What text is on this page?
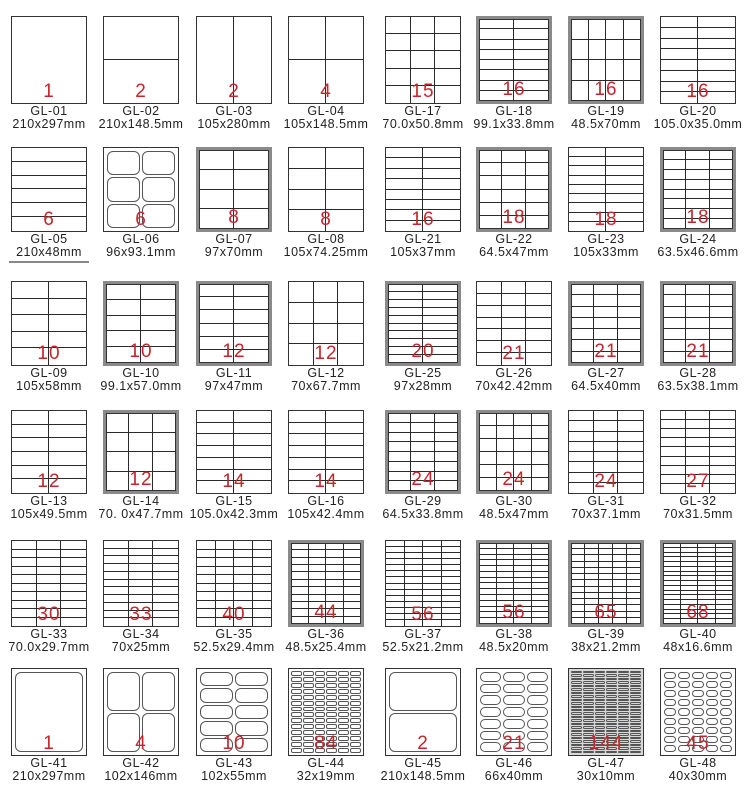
1
GL-01
210x297mm
2
GL-02
210x148.5mm
2
GL-03
105x280mm
4
GL-04
105x148.5mm
15
GL-17
70.0x50.8mm
16
GL-18
99.1x33.8mm
16
GL-19
48.5x70mm
16
GL-20
105.0x35.0mm
6
GL-05
210x48mm
6
GL-06
96x93.1mm
8
GL-07
97x70mm
8
GL-08
105x74.25mm
16
GL-21
105x37mm
18
GL-22
64.5x47mm
18
GL-23
105x33mm
18
GL-24
63.5x46.6mm
10
GL-09
105x58mm
10
GL-10
99.1x57.0mm
12
GL-11
97x47mm
12
GL-12
70x67.7mm
20
GL-25
97x28mm
21
GL-26
70x42.42mm
21
GL-27
64.5x40mm
21
GL-28
63.5x38.1mm
12
GL-13
105x49.5mm
12
GL-14
70. 0x47.7mm
14
GL-15
105.0x42.3mm
14
GL-16
105x42.4mm
24
GL-29
64.5x33.8mm
24
GL-30
48.5x47mm
24
GL-31
70x37.1mm
27
GL-32
70x31.5mm
30
GL-33
70.0x29.7mm
33
GL-34
70x25mm
40
GL-35
52.5x29.4mm
44
GL-36
48.5x25.4mm
56
GL-37
52.5x21.2mm
56
GL-38
48.5x20mm
65
GL-39
38x21.2mm
68
GL-40
48x16.6mm
1
GL-41
210x297mm
4
GL-42
102x146mm
10
GL-43
102x55mm
84
GL-44
32x19mm
2
GL-45
210x148.5mm
21
GL-46
66x40mm
144
GL-47
30x10mm
45
GL-48
40x30mm
